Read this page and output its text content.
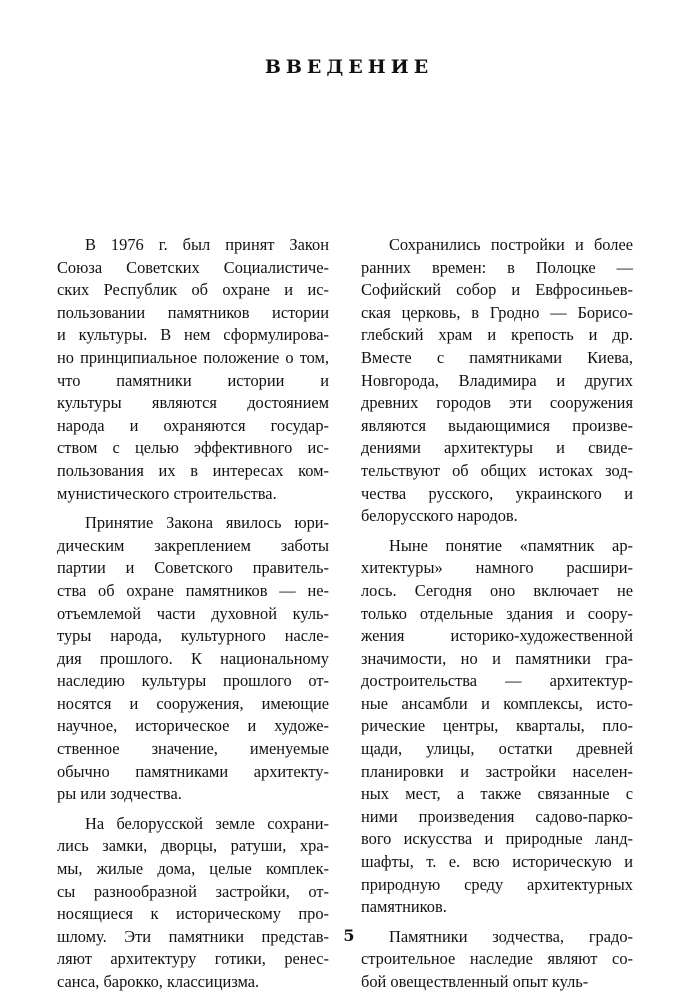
ВВЕДЕНИЕ
В 1976 г. был принят Закон
Союза Советских Социалистиче-
ских Республик об охране и ис-
пользовании памятников истории
и культуры. В нем сформулирова-
но принципиальное положение о том,
что памятники истории и
культуры являются достоянием
народа и охраняются государ-
ством с целью эффективного ис-
пользования их в интересах ком-
мунистического строительства.
Принятие Закона явилось юри-
дическим закреплением заботы
партии и Советского правитель-
ства об охране памятников — не-
отъемлемой части духовной куль-
туры народа, культурного насле-
дия прошлого. К национальному
наследию культуры прошлого от-
носятся и сооружения, имеющие
научное, историческое и художе-
ственное значение, именуемые
обычно памятниками архитекту-
ры или зодчества.
На белорусской земле сохрани-
лись замки, дворцы, ратуши, хра-
мы, жилые дома, целые комплек-
сы разнообразной застройки, от-
носящиеся к историческому про-
шлому. Эти памятники представ-
ляют архитектуру готики, ренес-
санса, барокко, классицизма.
Сохранились постройки и более
ранних времен: в Полоцке —
Софийский собор и Евфросиньев-
ская церковь, в Гродно — Борисо-
глебский храм и крепость и др.
Вместе с памятниками Киева,
Новгорода, Владимира и других
древних городов эти сооружения
являются выдающимися произве-
дениями архитектуры и свиде-
тельствуют об общих истоках зод-
чества русского, украинского и
белорусского народов.
Ныне понятие «памятник ар-
хитектуры» намного расшири-
лось. Сегодня оно включает не
только отдельные здания и соору-
жения историко-художественной
значимости, но и памятники гра-
достроительства — архитектур-
ные ансамбли и комплексы, исто-
рические центры, кварталы, пло-
щади, улицы, остатки древней
планировки и застройки населен-
ных мест, а также связанные с
ними произведения садово-парко-
вого искусства и природные ланд-
шафты, т. е. всю историческую и
природную среду архитектурных
памятников.
Памятники зодчества, градо-
строительное наследие являют со-
бой овеществленный опыт куль-
5
